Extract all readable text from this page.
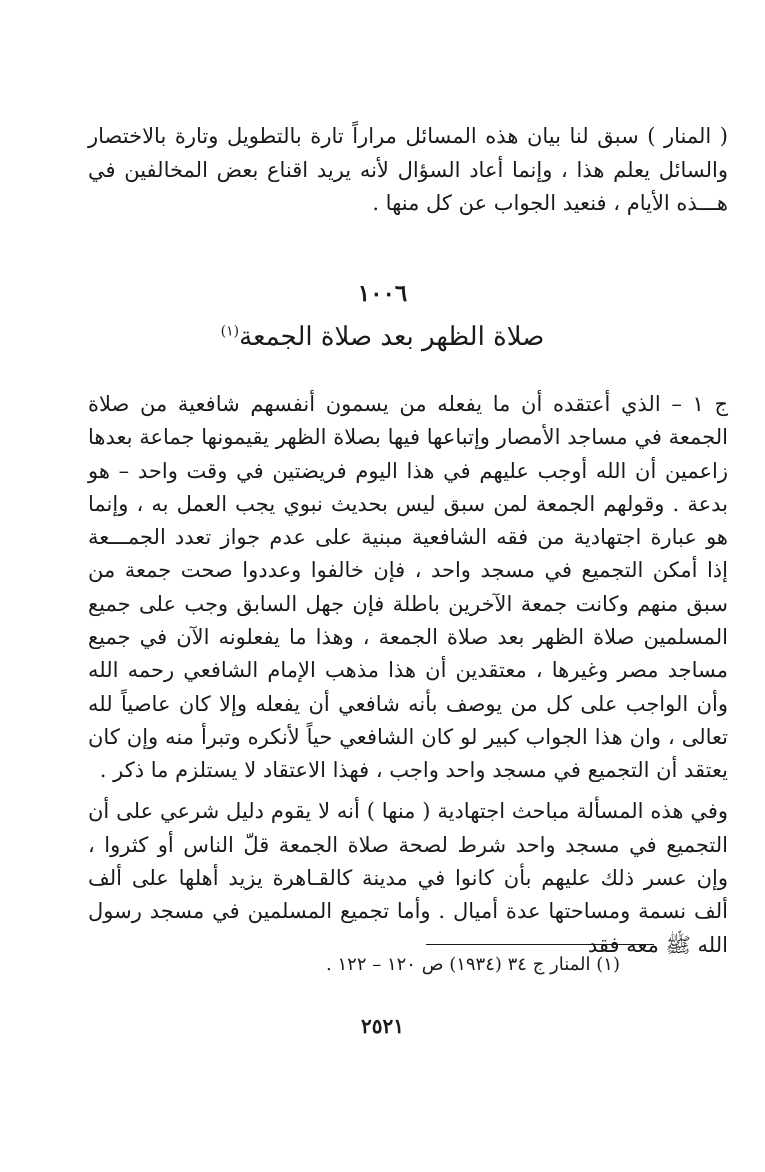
( المنار ) سبق لنا بيان هذه المسائل مراراً تارة بالتطويل وتارة بالاختصار والسائل يعلم هذا ، وإنما أعاد السؤال لأنه يريد اقناع بعض المخالفين في هـــذه الأيام ، فنعيد الجواب عن كل منها .

١٠٠٦
صلاة الظهر بعد صلاة الجمعة$^{(١)}$

ج ١ – الذي أعتقده أن ما يفعله من يسمون أنفسهم شافعية من صلاة الجمعة في مساجد الأمصار وإتباعها فيها بصلاة الظهر يقيمونها جماعة بعدها زاعمين أن الله أوجب عليهم في هذا اليوم فريضتين في وقت واحد – هو بدعة . وقولهم الجمعة لمن سبق ليس بحديث نبوي يجب العمل به ، وإنما هو عبارة اجتهادية من فقه الشافعية مبنية على عدم جواز تعدد الجمـــعة إذا أمكن التجميع في مسجد واحد ، فإن خالفوا وعددوا صحت جمعة من سبق منهم وكانت جمعة الآخرين باطلة فإن جهل السابق وجب على جميع المسلمين صلاة الظهر بعد صلاة الجمعة ، وهذا ما يفعلونه الآن في جميع مساجد مصر وغيرها ، معتقدين أن هذا مذهب الإمام الشافعي رحمه الله وأن الواجب على كل من يوصف بأنه شافعي أن يفعله وإلا كان عاصياً لله تعالى ، وان هذا الجواب كبير لو كان الشافعي حياً لأنكره وتبرأ منه وإن كان يعتقد أن التجميع في مسجد واحد واجب ، فهذا الاعتقاد لا يستلزم ما ذكر .

وفي هذه المسألة مباحث اجتهادية ( منها ) أنه لا يقوم دليل شرعي على أن التجميع في مسجد واحد شرط لصحة صلاة الجمعة قلّ الناس أو كثروا ، وإن عسر ذلك عليهم بأن كانوا في مدينة كالقـاهرة يزيد أهلها على ألف ألف نسمة ومساحتها عدة أميال . وأما تجميع المسلمين في مسجد رسول الله ﷺ معه فقد

(١) المنار ج ٣٤ (١٩٣٤) ص ١٢٠ – ١٢٢ .
٢٥٢١
